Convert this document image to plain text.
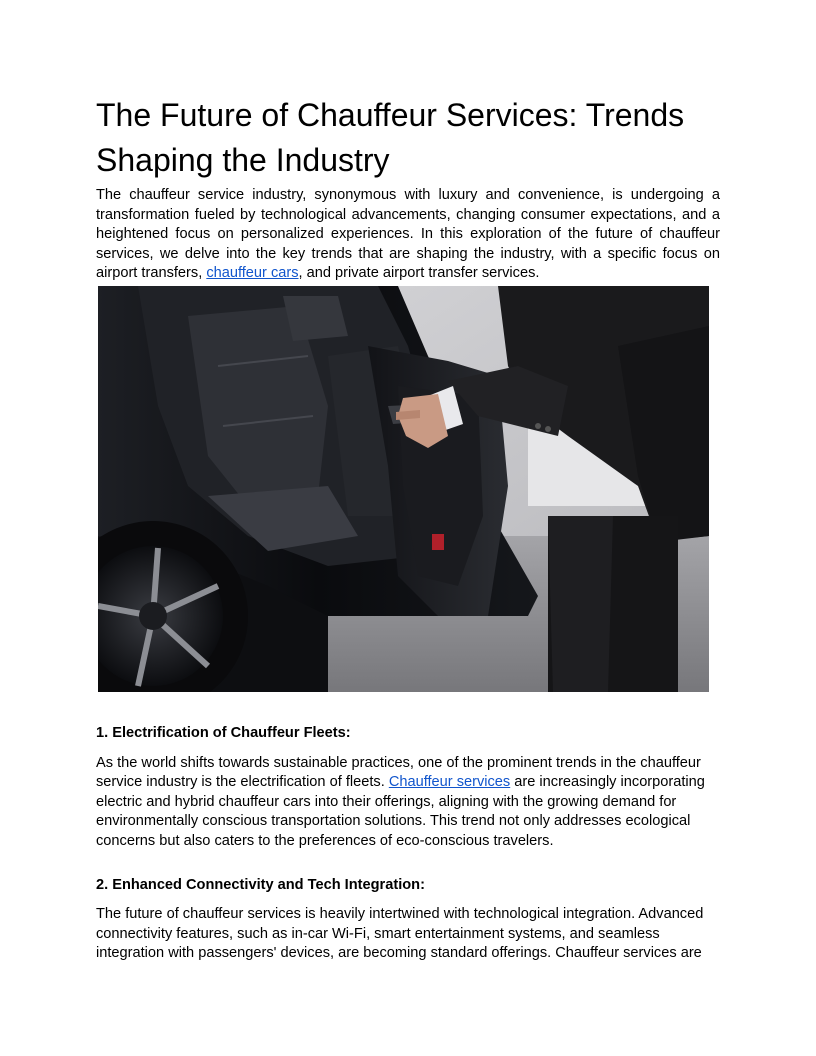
The Future of Chauffeur Services: Trends Shaping the Industry

The chauffeur service industry, synonymous with luxury and convenience, is undergoing a transformation fueled by technological advancements, changing consumer expectations, and a heightened focus on personalized experiences. In this exploration of the future of chauffeur services, we delve into the key trends that are shaping the industry, with a specific focus on airport transfers, chauffeur cars, and private airport transfer services.

1. Electrification of Chauffeur Fleets:

As the world shifts towards sustainable practices, one of the prominent trends in the chauffeur service industry is the electrification of fleets. Chauffeur services are increasingly incorporating electric and hybrid chauffeur cars into their offerings, aligning with the growing demand for environmentally conscious transportation solutions. This trend not only addresses ecological concerns but also caters to the preferences of eco-conscious travelers.

2. Enhanced Connectivity and Tech Integration:

The future of chauffeur services is heavily intertwined with technological integration. Advanced connectivity features, such as in-car Wi-Fi, smart entertainment systems, and seamless integration with passengers' devices, are becoming standard offerings. Chauffeur services are
